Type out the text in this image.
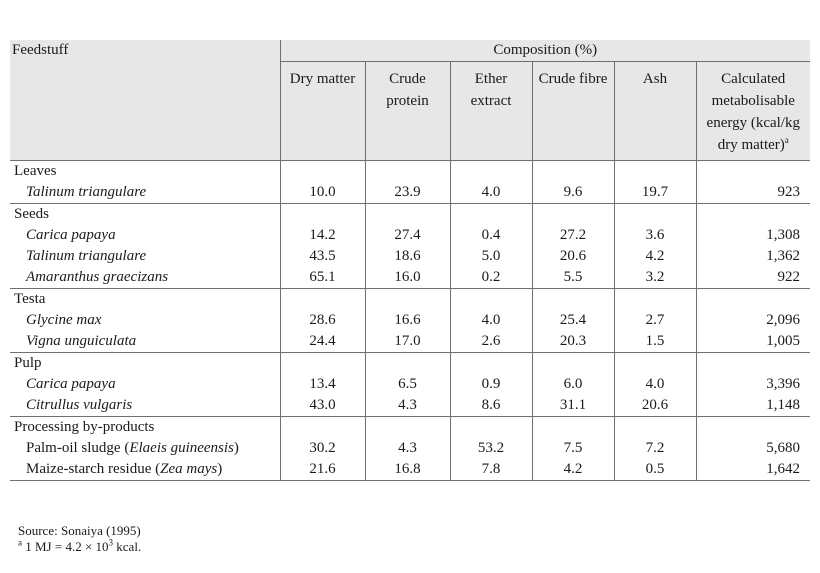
Feedstuff	Composition (%)					
	Dry matter	Crude protein	Ether extract	Crude fibre	Ash	Calculated metabolisable energy (kcal/kg dry matter)$^a$
Leaves						
Talinum triangulare	10.0	23.9	4.0	9.6	19.7	923
Seeds						
Carica papaya	14.2	27.4	0.4	27.2	3.6	1,308
Talinum triangulare	43.5	18.6	5.0	20.6	4.2	1,362
Amaranthus graecizans	65.1	16.0	0.2	5.5	3.2	922
Testa						
Glycine max	28.6	16.6	4.0	25.4	2.7	2,096
Vigna unguiculata	24.4	17.0	2.6	20.3	1.5	1,005
Pulp						
Carica papaya	13.4	6.5	0.9	6.0	4.0	3,396
Citrullus vulgaris	43.0	4.3	8.6	31.1	20.6	1,148
Processing by-products						
Palm-oil sludge (Elaeis guineensis)	30.2	4.3	53.2	7.5	7.2	5,680
Maize-starch residue (Zea mays)	21.6	16.8	7.8	4.2	0.5	1,642
Source: Sonaiya (1995)
$^a$ 1 MJ = $4.2 \times 10^3$ kcal.
